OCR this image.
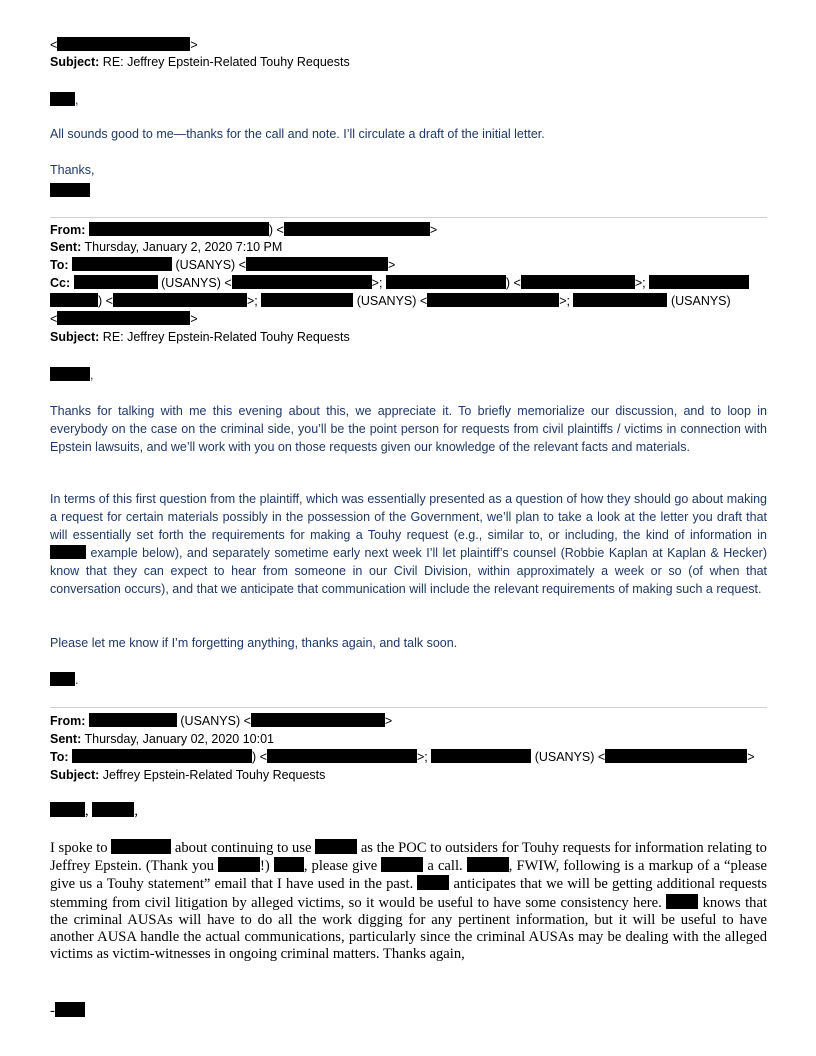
<	>
Subject: RE: Jeffrey Epstein-Related Touhy Requests
,
All sounds good to me—thanks for the call and note. I’ll circulate a draft of the initial letter.
Thanks,
From:	) <	>
Sent: Thursday, January 2, 2020 7:10 PM
To:	(USANYS) <	>
Cc:	(USANYS) <	>;	) <	>;
) <	>;	(USANYS) <	>;	(USANYS)
<	>
Subject: RE: Jeffrey Epstein-Related Touhy Requests
,
Thanks for talking with me this evening about this, we appreciate it. To briefly memorialize our discussion, and to loop in everybody on the case on the criminal side, you’ll be the point person for requests from civil plaintiffs / victims in connection with Epstein lawsuits, and we’ll work with you on those requests given our knowledge of the relevant facts and materials.
In terms of this first question from the plaintiff, which was essentially presented as a question of how they should go about making a request for certain materials possibly in the possession of the Government, we’ll plan to take a look at the letter you draft that will essentially set forth the requirements for making a Touhy request (e.g., similar to, or including, the kind of information in  example below), and separately sometime early next week I’ll let plaintiff’s counsel (Robbie Kaplan at Kaplan & Hecker) know that they can expect to hear from someone in our Civil Division, within approximately a week or so (of when that conversation occurs), and that we anticipate that communication will include the relevant requirements of making such a request.
Please let me know if I’m forgetting anything, thanks again, and talk soon.
.
From:	(USANYS) <	>
Sent: Thursday, January 02, 2020 10:01
To:	) <	>;	(USANYS) <	>
Subject: Jeffrey Epstein-Related Touhy Requests
,	,
I spoke to	about continuing to use	as the POC to outsiders for Touhy requests for information relating to Jeffrey Epstein. (Thank you	!) , please give	a call.	, FWIW, following is a markup of a “please give us a Touhy statement” email that I have used in the past.	anticipates that we will be getting additional requests stemming from civil litigation by alleged victims, so it would be useful to have some consistency here.	knows that the criminal AUSAs will have to do all the work digging for any pertinent information, but it will be useful to have another AUSA handle the actual communications, particularly since the criminal AUSAs may be dealing with the alleged victims as victim-witnesses in ongoing criminal matters. Thanks again,
-
